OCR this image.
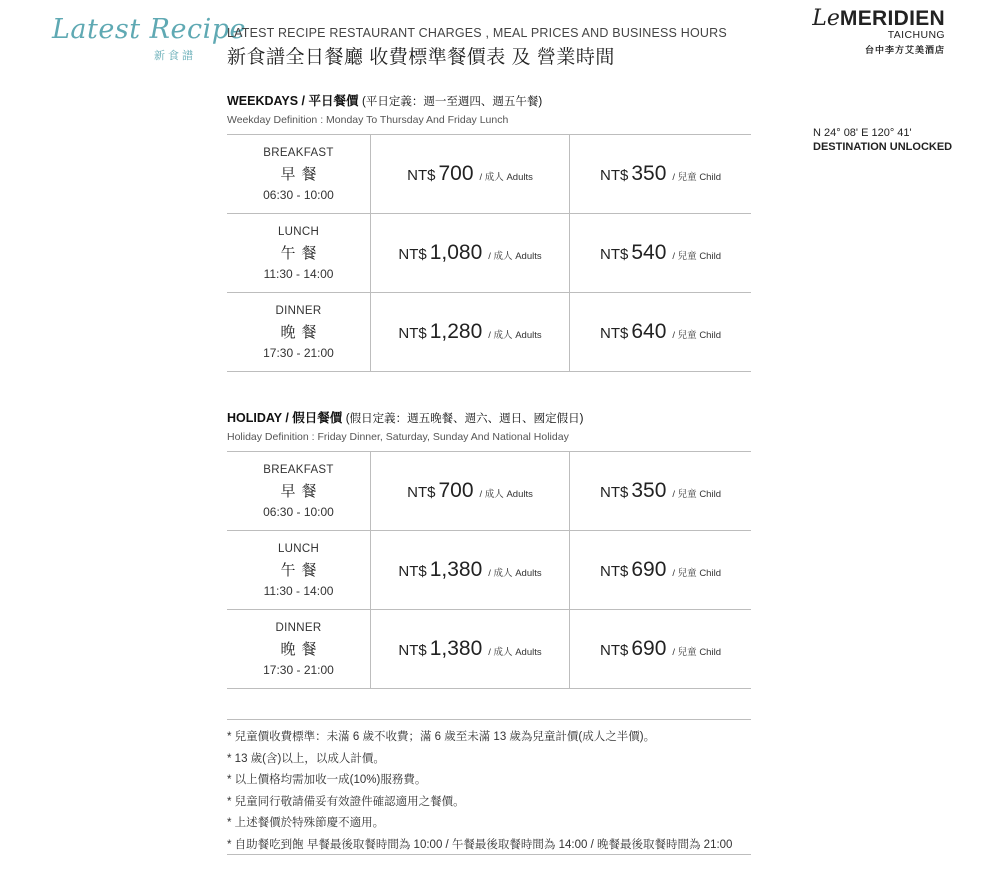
Latest Recipe
新食譜
LATEST RECIPE RESTAURANT CHARGES , MEAL PRICES AND BUSINESS HOURS
新食譜全日餐廳 收費標準餐價表 及 營業時間
LeMERIDIEN
TAICHUNG
台中李方艾美酒店
N 24° 08' E 120° 41'
DESTINATION UNLOCKED
WEEKDAYS / 平日餐價 (平日定義：週一至週四、週五午餐)
Weekday Definition : Monday To Thursday And Friday Lunch
BREAKFAST
早餐
06:30 - 10:00	NT$ 700 / 成人 Adults	NT$ 350 / 兒童 Child

LUNCH
午餐
11:30 - 14:00	NT$ 1,080 / 成人 Adults	NT$ 540 / 兒童 Child

DINNER
晚餐
17:30 - 21:00	NT$ 1,280 / 成人 Adults	NT$ 640 / 兒童 Child
HOLIDAY / 假日餐價 (假日定義：週五晚餐、週六、週日、國定假日)
Holiday Definition : Friday Dinner, Saturday, Sunday And National Holiday
BREAKFAST
早餐
06:30 - 10:00	NT$ 700 / 成人 Adults	NT$ 350 / 兒童 Child

LUNCH
午餐
11:30 - 14:00	NT$ 1,380 / 成人 Adults	NT$ 690 / 兒童 Child

DINNER
晚餐
17:30 - 21:00	NT$ 1,380 / 成人 Adults	NT$ 690 / 兒童 Child
* 兒童價收費標準：未滿 6 歲不收費；滿 6 歲至未滿 13 歲為兒童計價(成人之半價)。
* 13 歲(含)以上，以成人計價。
* 以上價格均需加收一成(10%)服務費。
* 兒童同行敬請備妥有效證件確認適用之餐價。
* 上述餐價於特殊節慶不適用。
* 自助餐吃到飽 早餐最後取餐時間為 10:00 / 午餐最後取餐時間為 14:00 / 晚餐最後取餐時間為 21:00
